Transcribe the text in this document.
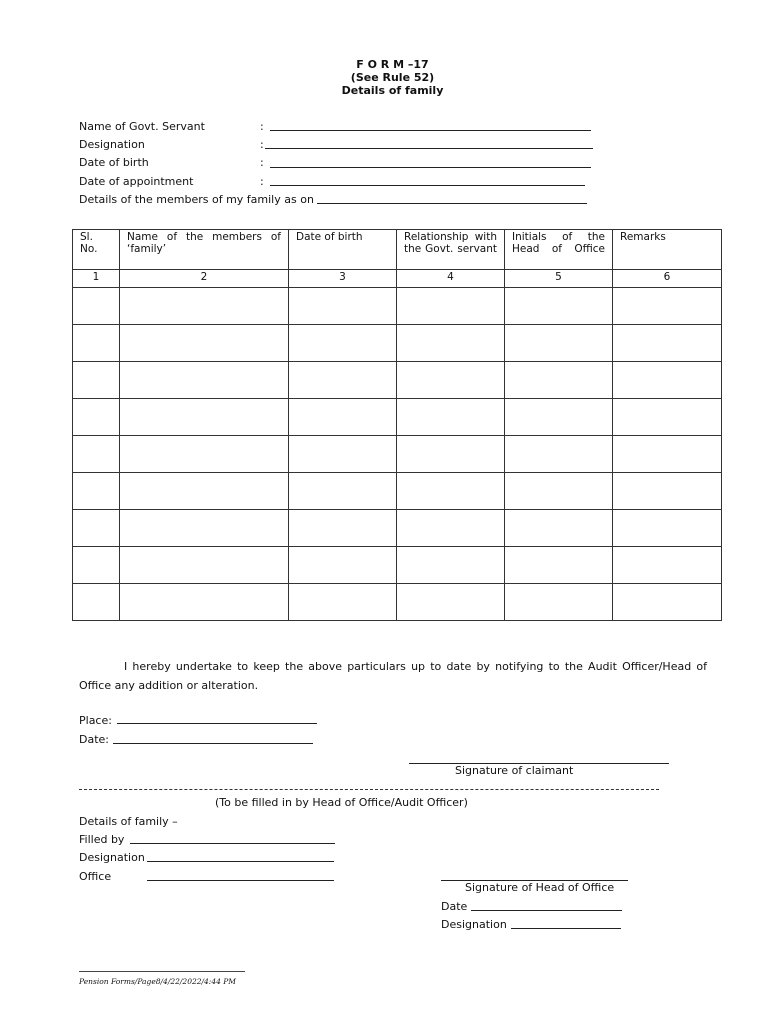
F O R M –17
(See Rule 52)
Details of family
Name of Govt. Servant	:
Designation	:
Date of birth	:
Date of appointment	:
Details of the members of my family as on
Sl. No.	Name of the members of ‘family’	Date of birth	Relationship with the Govt. servant	Initials of the Head of Office	Remarks
1	2	3	4	5	6

I hereby undertake to keep the above particulars up to date by notifying to the Audit Officer/Head of Office any addition or alteration.
Place:
Date:
Signature of claimant
(To be filled in by Head of Office/Audit Officer)
Details of family –
Filled by
Designation
Office
Signature of Head of Office
Date
Designation
Pension Forms/Page8/4/22/2022/4:44 PM
